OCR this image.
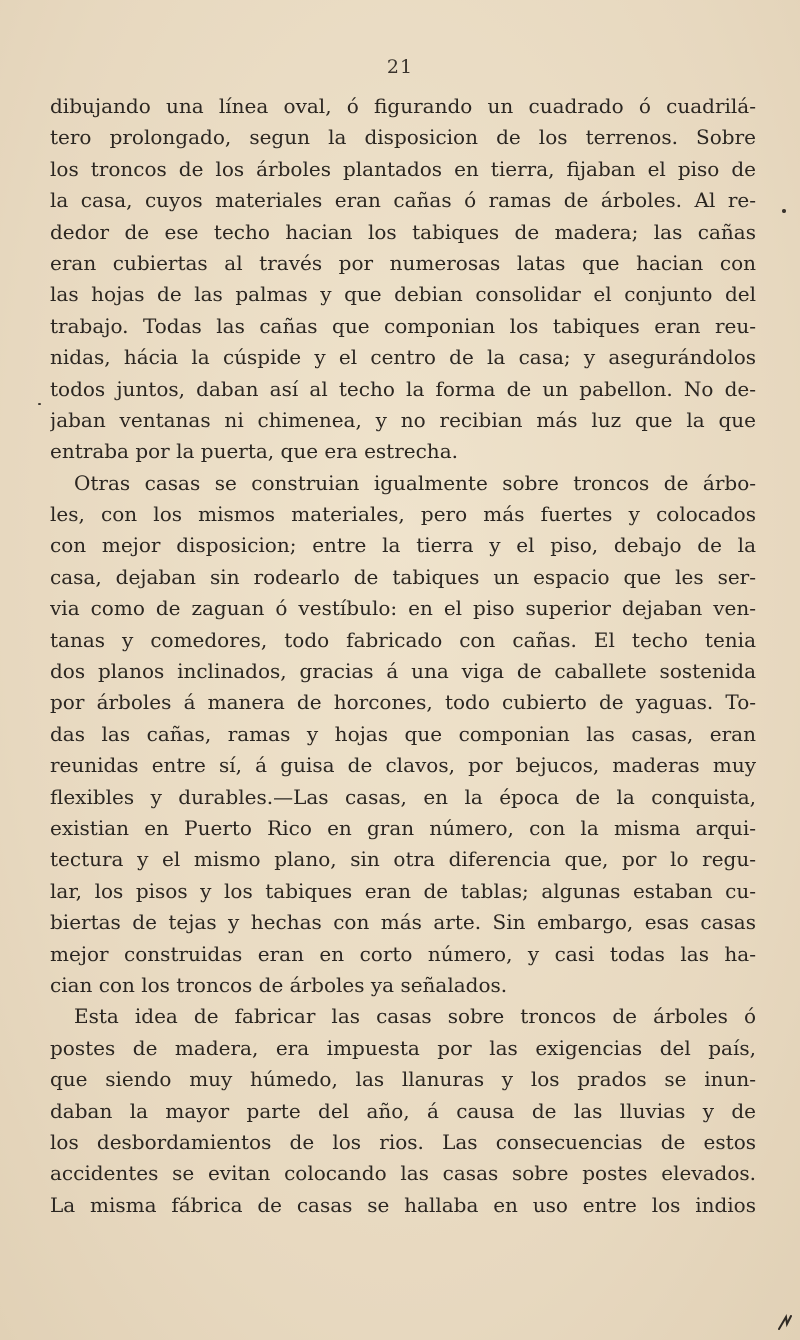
21
dibujando una línea oval, ó figurando un cuadrado ó cuadrilá-
tero prolongado, segun la disposicion de los terrenos. Sobre
los troncos de los árboles plantados en tierra, fijaban el piso de
la casa, cuyos materiales eran cañas ó ramas de árboles. Al re-
dedor de ese techo hacian los tabiques de madera; las cañas
eran cubiertas al través por numerosas latas que hacian con
las hojas de las palmas y que debian consolidar el conjunto del
trabajo. Todas las cañas que componian los tabiques eran reu-
nidas, hácia la cúspide y el centro de la casa; y asegurándolos
todos juntos, daban así al techo la forma de un pabellon. No de-
jaban ventanas ni chimenea, y no recibian más luz que la que
entraba por la puerta, que era estrecha.
Otras casas se construian igualmente sobre troncos de árbo-
les, con los mismos materiales, pero más fuertes y colocados
con mejor disposicion; entre la tierra y el piso, debajo de la
casa, dejaban sin rodearlo de tabiques un espacio que les ser-
via como de zaguan ó vestíbulo: en el piso superior dejaban ven-
tanas y comedores, todo fabricado con cañas. El techo tenia
dos planos inclinados, gracias á una viga de caballete sostenida
por árboles á manera de horcones, todo cubierto de yaguas. To-
das las cañas, ramas y hojas que componian las casas, eran
reunidas entre sí, á guisa de clavos, por bejucos, maderas muy
flexibles y durables.—Las casas, en la época de la conquista,
existian en Puerto Rico en gran número, con la misma arqui-
tectura y el mismo plano, sin otra diferencia que, por lo regu-
lar, los pisos y los tabiques eran de tablas; algunas estaban cu-
biertas de tejas y hechas con más arte. Sin embargo, esas casas
mejor construidas eran en corto número, y casi todas las ha-
cian con los troncos de árboles ya señalados.
Esta idea de fabricar las casas sobre troncos de árboles ó
postes de madera, era impuesta por las exigencias del país,
que siendo muy húmedo, las llanuras y los prados se inun-
daban la mayor parte del año, á causa de las lluvias y de
los desbordamientos de los rios. Las consecuencias de estos
accidentes se evitan colocando las casas sobre postes elevados.
La misma fábrica de casas se hallaba en uso entre los indios
